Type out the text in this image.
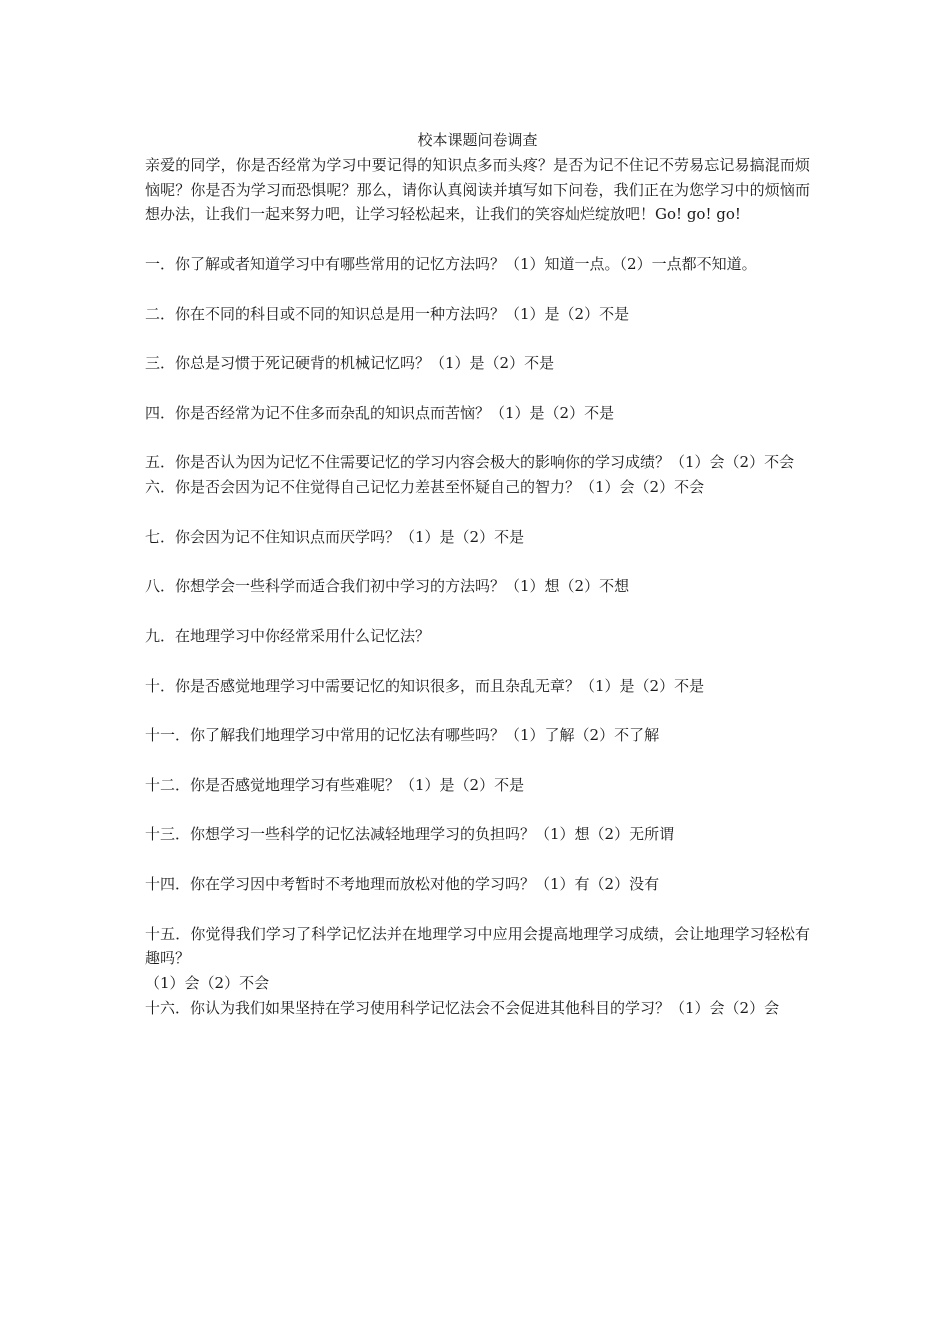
校本课题问卷调查

亲爱的同学，你是否经常为学习中要记得的知识点多而头疼？是否为记不住记不劳易忘记易搞混而烦恼呢？你是否为学习而恐惧呢？那么，请你认真阅读并填写如下问卷，我们正在为您学习中的烦恼而想办法，让我们一起来努力吧，让学习轻松起来，让我们的笑容灿烂绽放吧！Go! go! go!

一．你了解或者知道学习中有哪些常用的记忆方法吗？（1）知道一点。（2）一点都不知道。

二．你在不同的科目或不同的知识总是用一种方法吗？（1）是（2）不是

三．你总是习惯于死记硬背的机械记忆吗？（1）是（2）不是

四．你是否经常为记不住多而杂乱的知识点而苦恼？（1）是（2）不是

五．你是否认为因为记忆不住需要记忆的学习内容会极大的影响你的学习成绩？（1）会（2）不会

六．你是否会因为记不住觉得自己记忆力差甚至怀疑自己的智力？（1）会（2）不会

七．你会因为记不住知识点而厌学吗？（1）是（2）不是

八．你想学会一些科学而适合我们初中学习的方法吗？（1）想（2）不想

九．在地理学习中你经常采用什么记忆法？

十．你是否感觉地理学习中需要记忆的知识很多，而且杂乱无章？（1）是（2）不是

十一．你了解我们地理学习中常用的记忆法有哪些吗？（1）了解（2）不了解

十二．你是否感觉地理学习有些难呢？（1）是（2）不是

十三．你想学习一些科学的记忆法减轻地理学习的负担吗？（1）想（2）无所谓

十四．你在学习因中考暂时不考地理而放松对他的学习吗？（1）有（2）没有

十五．你觉得我们学习了科学记忆法并在地理学习中应用会提高地理学习成绩，会让地理学习轻松有趣吗？

（1）会（2）不会

十六．你认为我们如果坚持在学习使用科学记忆法会不会促进其他科目的学习？（1）会（2）会
